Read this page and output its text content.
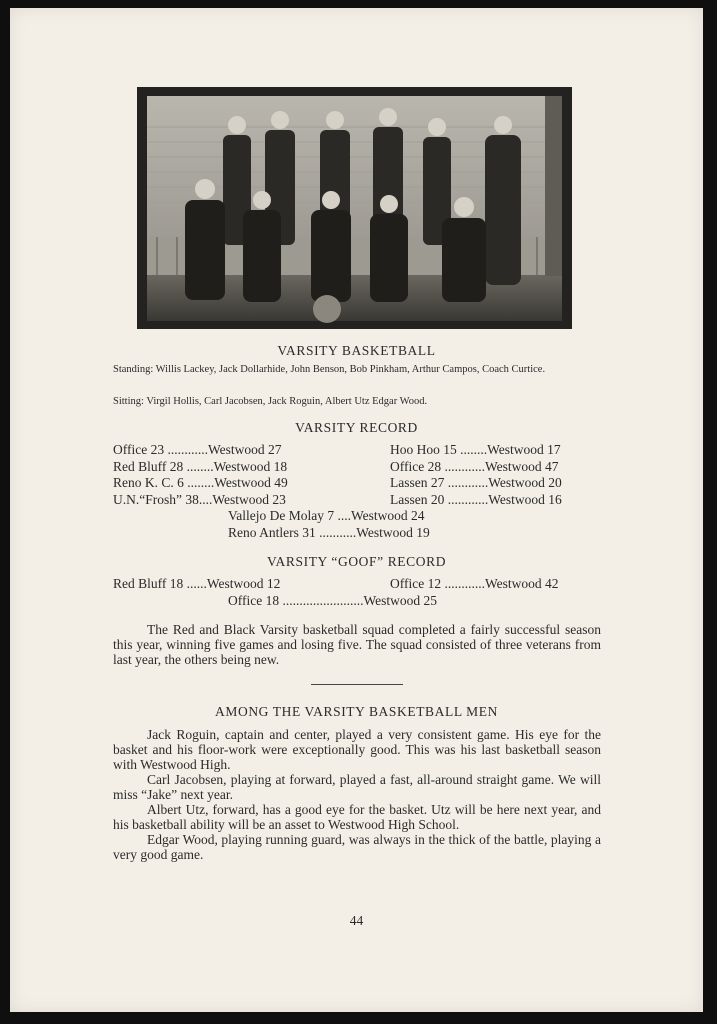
VARSITY BASKETBALL
Standing: Willis Lackey, Jack Dollarhide, John Benson, Bob Pinkham, Arthur Campos, Coach Curtice.
Sitting: Virgil Hollis, Carl Jacobsen, Jack Roguin, Albert Utz Edgar Wood.
VARSITY RECORD
Office 23 ............Westwood 27
Red Bluff 28 ........Westwood 18
Reno K. C. 6 ........Westwood 49
U.N.“Frosh” 38....Westwood 23
Hoo Hoo 15 ........Westwood 17
Office 28 ............Westwood 47
Lassen 27 ............Westwood 20
Lassen 20 ............Westwood 16
Vallejo De Molay 7 ....Westwood 24
Reno Antlers 31 ...........Westwood 19
VARSITY “GOOF” RECORD
Red Bluff 18 ......Westwood 12	Office 12 ............Westwood 42
Office 18 ........................Westwood 25

The Red and Black Varsity basketball squad completed a fairly successful season this year, winning five games and losing five. The squad consisted of three veterans from last year, the others being new.

AMONG THE VARSITY BASKETBALL MEN

Jack Roguin, captain and center, played a very consistent game. His eye for the basket and his floor-work were exceptionally good. This was his last basketball season with Westwood High.

Carl Jacobsen, playing at forward, played a fast, all-around straight game. We will miss “Jake” next year.

Albert Utz, forward, has a good eye for the basket. Utz will be here next year, and his basketball ability will be an asset to Westwood High School.

Edgar Wood, playing running guard, was always in the thick of the battle, playing a very good game.

44
